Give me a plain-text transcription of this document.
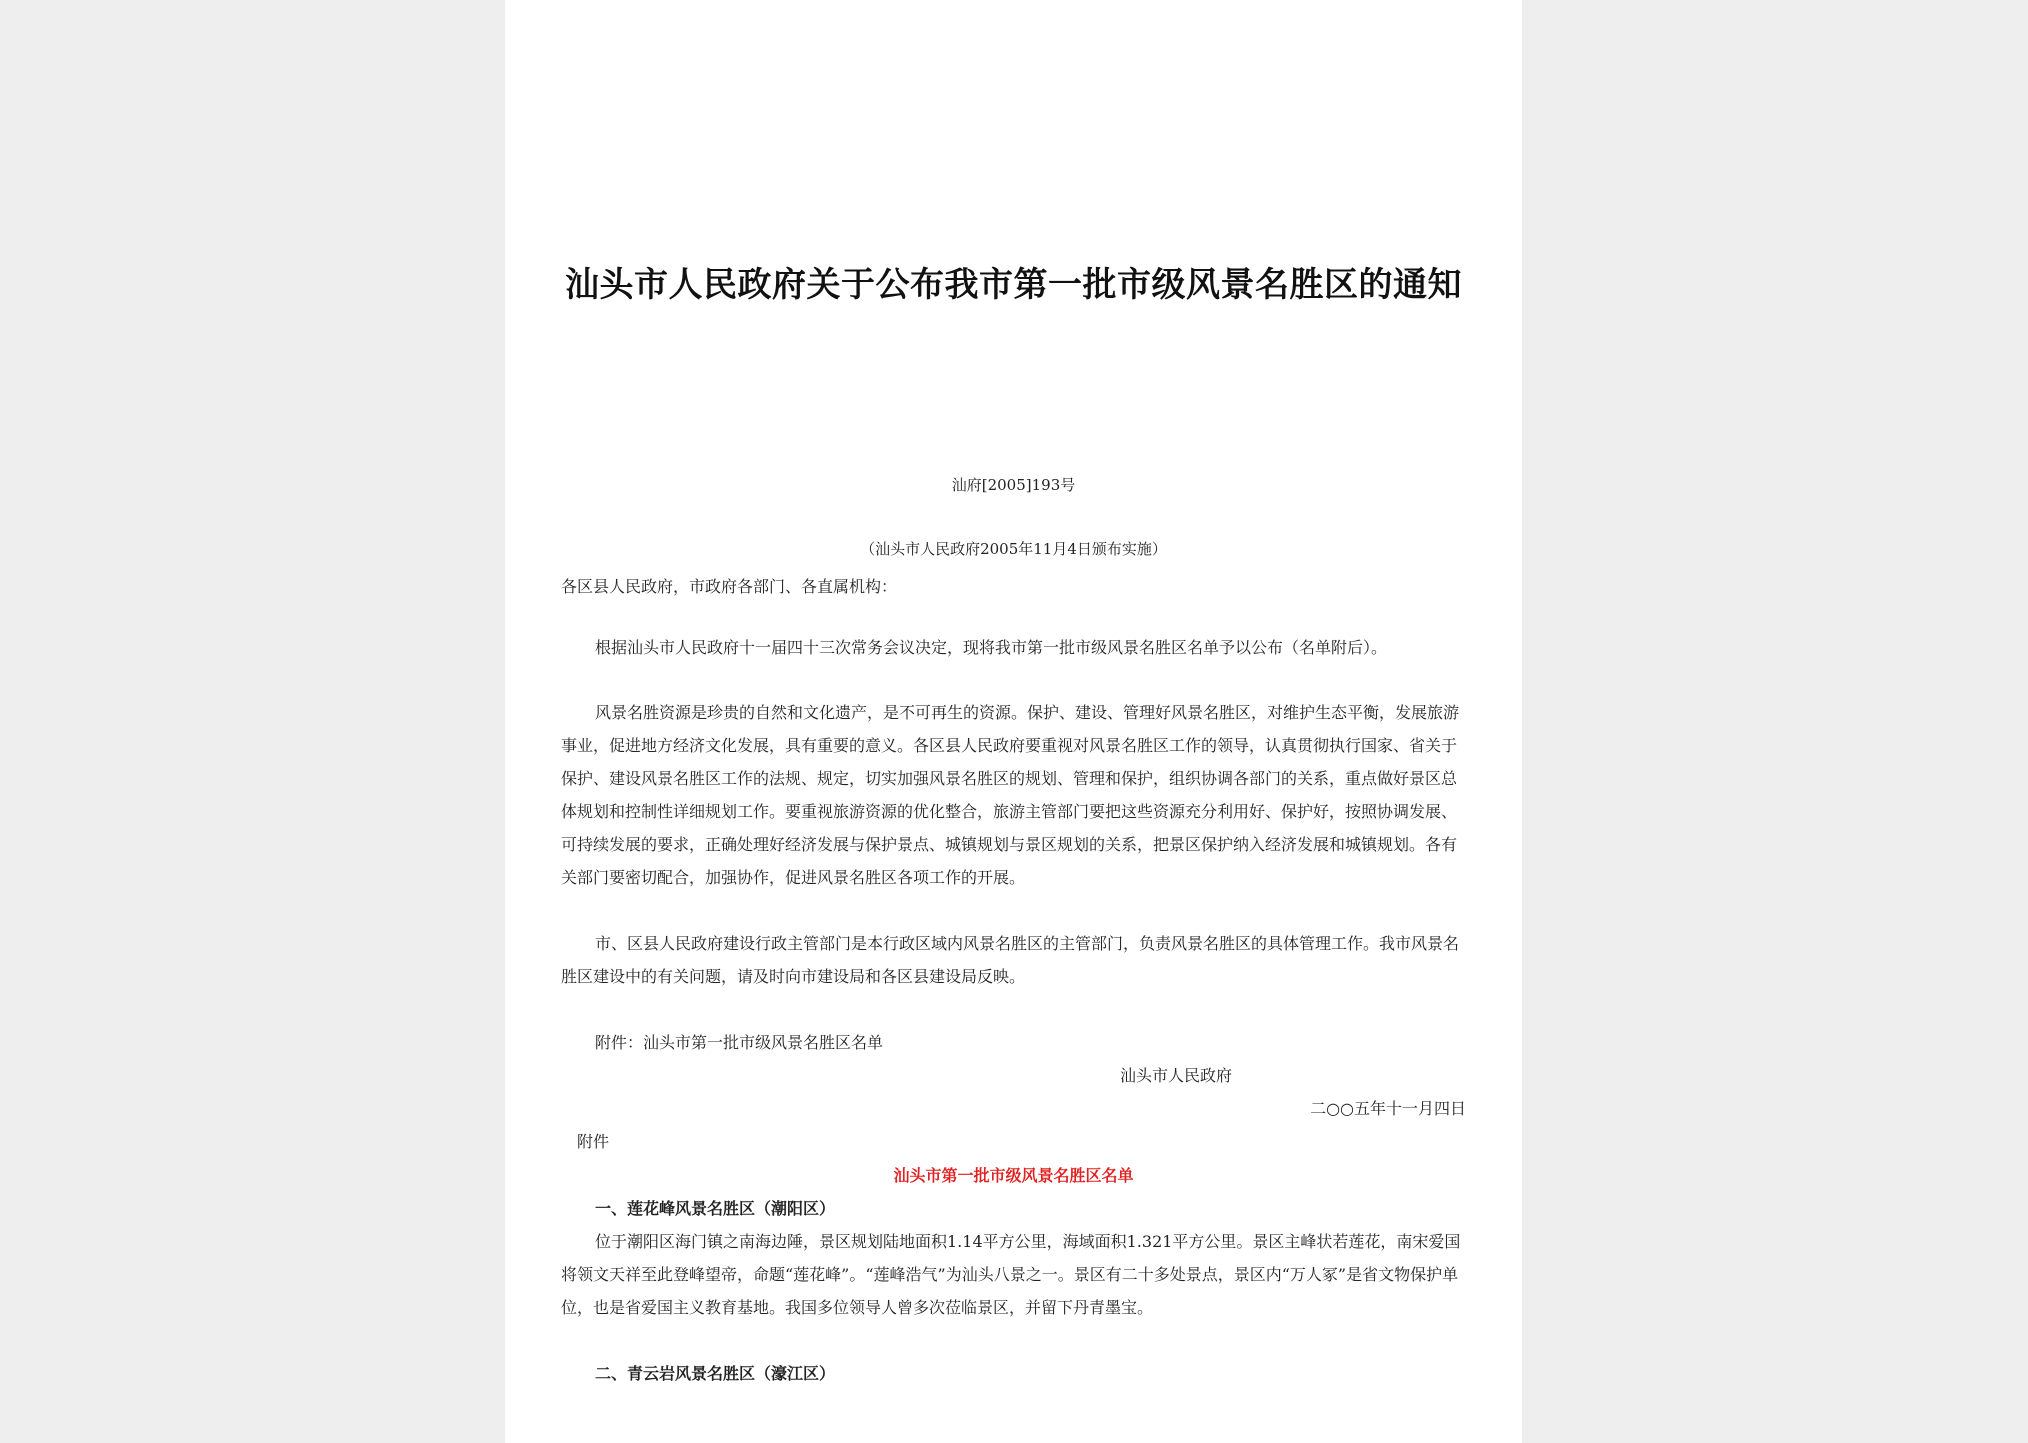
汕头市人民政府关于公布我市第一批市级风景名胜区的通知
汕府[2005]193号
（汕头市人民政府2005年11月4日颁布实施）
各区县人民政府，市政府各部门、各直属机构：

根据汕头市人民政府十一届四十三次常务会议决定，现将我市第一批市级风景名胜区名单予以公布（名单附后）。

风景名胜资源是珍贵的自然和文化遗产，是不可再生的资源。保护、建设、管理好风景名胜区，对维护生态平衡，发展旅游事业，促进地方经济文化发展，具有重要的意义。各区县人民政府要重视对风景名胜区工作的领导，认真贯彻执行国家、省关于保护、建设风景名胜区工作的法规、规定，切实加强风景名胜区的规划、管理和保护，组织协调各部门的关系，重点做好景区总体规划和控制性详细规划工作。要重视旅游资源的优化整合，旅游主管部门要把这些资源充分利用好、保护好，按照协调发展、可持续发展的要求，正确处理好经济发展与保护景点、城镇规划与景区规划的关系，把景区保护纳入经济发展和城镇规划。各有关部门要密切配合，加强协作，促进风景名胜区各项工作的开展。

市、区县人民政府建设行政主管部门是本行政区域内风景名胜区的主管部门，负责风景名胜区的具体管理工作。我市风景名胜区建设中的有关问题，请及时向市建设局和各区县建设局反映。

附件：汕头市第一批市级风景名胜区名单
汕头市人民政府
二○○五年十一月四日
附件
汕头市第一批市级风景名胜区名单
一、莲花峰风景名胜区（潮阳区）

位于潮阳区海门镇之南海边陲，景区规划陆地面积1.14平方公里，海域面积1.321平方公里。景区主峰状若莲花，南宋爱国将领文天祥至此登峰望帝，命题“莲花峰”。“莲峰浩气”为汕头八景之一。景区有二十多处景点，景区内“万人冢”是省文物保护单位，也是省爱国主义教育基地。我国多位领导人曾多次莅临景区，并留下丹青墨宝。

二、青云岩风景名胜区（濠江区）
